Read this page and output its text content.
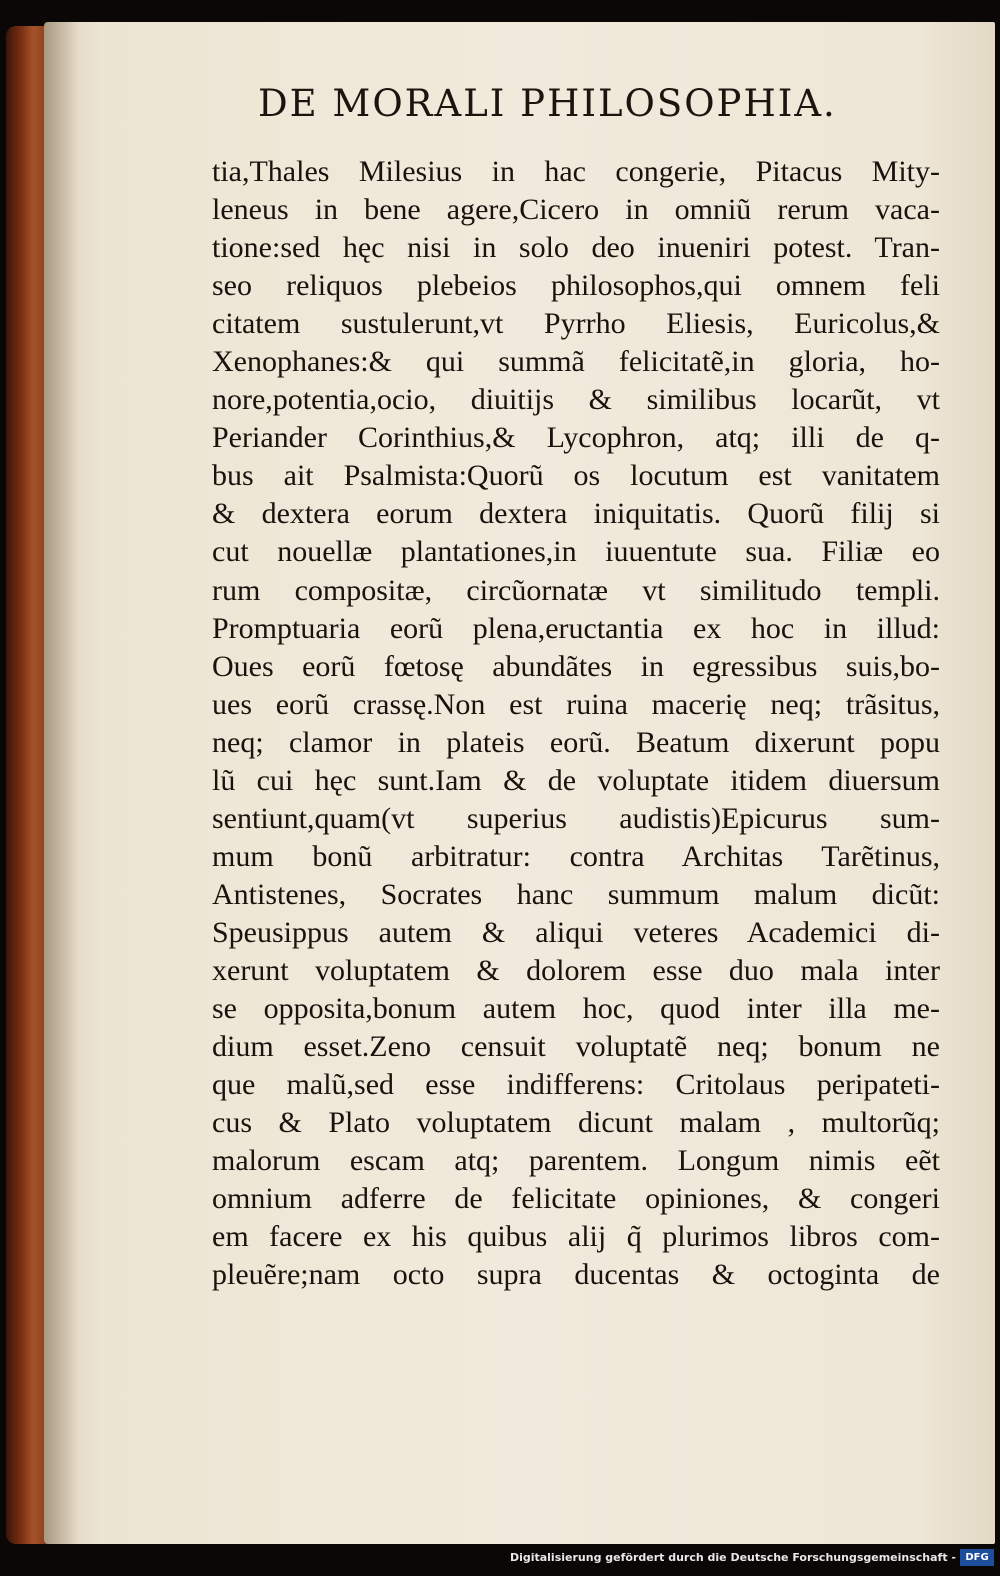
DE MORALI PHILOSOPHIA.
tia,Thales Milesius in hac congerie, Pitacus Mity-
leneus in bene agere,Cicero in omniũ rerum vaca-
tione:sed hęc nisi in solo deo inueniri potest. Tran-
seo reliquos plebeios philosophos,qui omnem feli
citatem sustulerunt,vt Pyrrho Eliesis, Euricolus,&
Xenophanes:& qui summã felicitatẽ,in gloria, ho-
nore,potentia,ocio, diuitijs & similibus locarũt, vt
Periander Corinthius,& Lycophron, atq; illi de q-
bus ait Psalmista:Quorũ os locutum est vanitatem
& dextera eorum dextera iniquitatis. Quorũ filij si
cut nouellæ plantationes,in iuuentute sua. Filiæ eo
rum compositæ, circũornatæ vt similitudo templi.
Promptuaria eorũ plena,eructantia ex hoc in illud:
Oues eorũ fœtosę abundãtes in egressibus suis,bo-
ues eorũ crassę.Non est ruina macerię neq; trãsitus,
neq; clamor in plateis eorũ. Beatum dixerunt popu
lũ cui hęc sunt.Iam & de voluptate itidem diuersum
sentiunt,quam(vt superius audistis)Epicurus sum-
mum bonũ arbitratur: contra Architas Tarẽtinus,
Antistenes, Socrates hanc summum malum dicũt:
Speusippus autem & aliqui veteres Academici di-
xerunt voluptatem & dolorem esse duo mala inter
se opposita,bonum autem hoc, quod inter illa me-
dium esset.Zeno censuit voluptatẽ neq; bonum ne
que malũ,sed esse indifferens: Critolaus peripateti-
cus & Plato voluptatem dicunt malam , multorũq;
malorum escam atq; parentem. Longum nimis eẽt
omnium adferre de felicitate opiniones, & congeri
em facere ex his quibus alij q̃ plurimos libros com-
pleuẽre;nam octo supra ducentas & octoginta de
Digitalisierung gefördert durch die Deutsche Forschungsgemeinschaft - DFG
